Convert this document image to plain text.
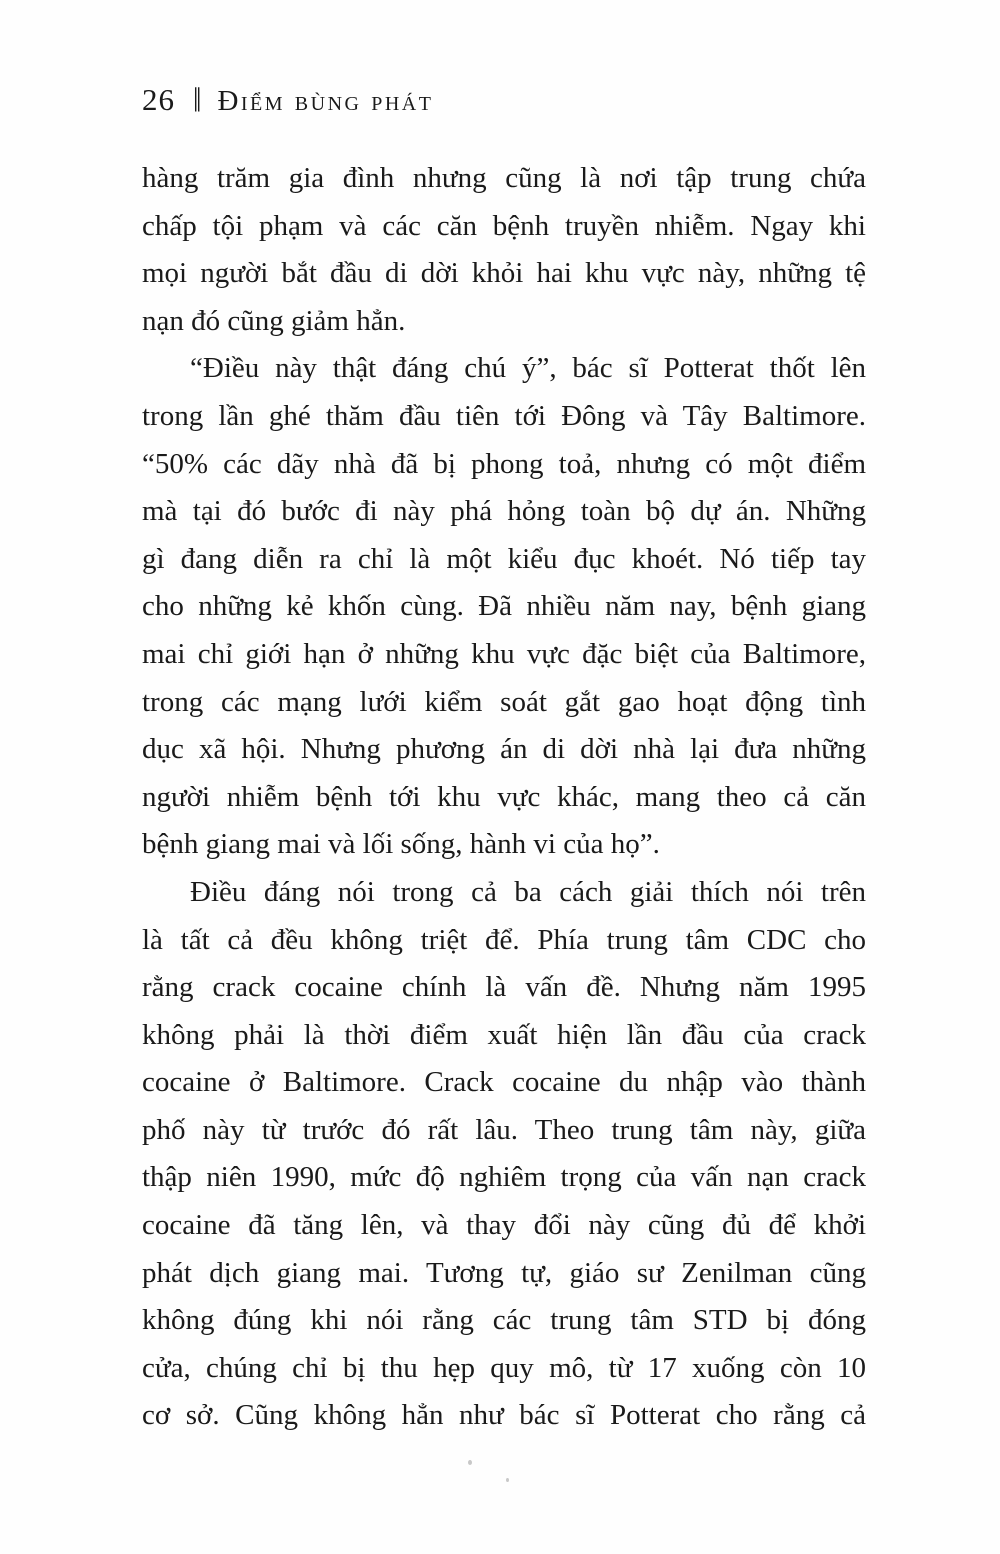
26 ‖ Điểm bùng phát
hàng trăm gia đình nhưng cũng là nơi tập trung chứa
chấp tội phạm và các căn bệnh truyền nhiễm. Ngay khi
mọi người bắt đầu di dời khỏi hai khu vực này, những tệ
nạn đó cũng giảm hẳn.
“Điều này thật đáng chú ý”, bác sĩ Potterat thốt lên
trong lần ghé thăm đầu tiên tới Đông và Tây Baltimore.
“50% các dãy nhà đã bị phong toả, nhưng có một điểm
mà tại đó bước đi này phá hỏng toàn bộ dự án. Những
gì đang diễn ra chỉ là một kiểu đục khoét. Nó tiếp tay
cho những kẻ khốn cùng. Đã nhiều năm nay, bệnh giang
mai chỉ giới hạn ở những khu vực đặc biệt của Baltimore,
trong các mạng lưới kiểm soát gắt gao hoạt động tình
dục xã hội. Nhưng phương án di dời nhà lại đưa những
người nhiễm bệnh tới khu vực khác, mang theo cả căn
bệnh giang mai và lối sống, hành vi của họ”.
Điều đáng nói trong cả ba cách giải thích nói trên
là tất cả đều không triệt để. Phía trung tâm CDC cho
rằng crack cocaine chính là vấn đề. Nhưng năm 1995
không phải là thời điểm xuất hiện lần đầu của crack
cocaine ở Baltimore. Crack cocaine du nhập vào thành
phố này từ trước đó rất lâu. Theo trung tâm này, giữa
thập niên 1990, mức độ nghiêm trọng của vấn nạn crack
cocaine đã tăng lên, và thay đổi này cũng đủ để khởi
phát dịch giang mai. Tương tự, giáo sư Zenilman cũng
không đúng khi nói rằng các trung tâm STD bị đóng
cửa, chúng chỉ bị thu hẹp quy mô, từ 17 xuống còn 10
cơ sở. Cũng không hẳn như bác sĩ Potterat cho rằng cả
